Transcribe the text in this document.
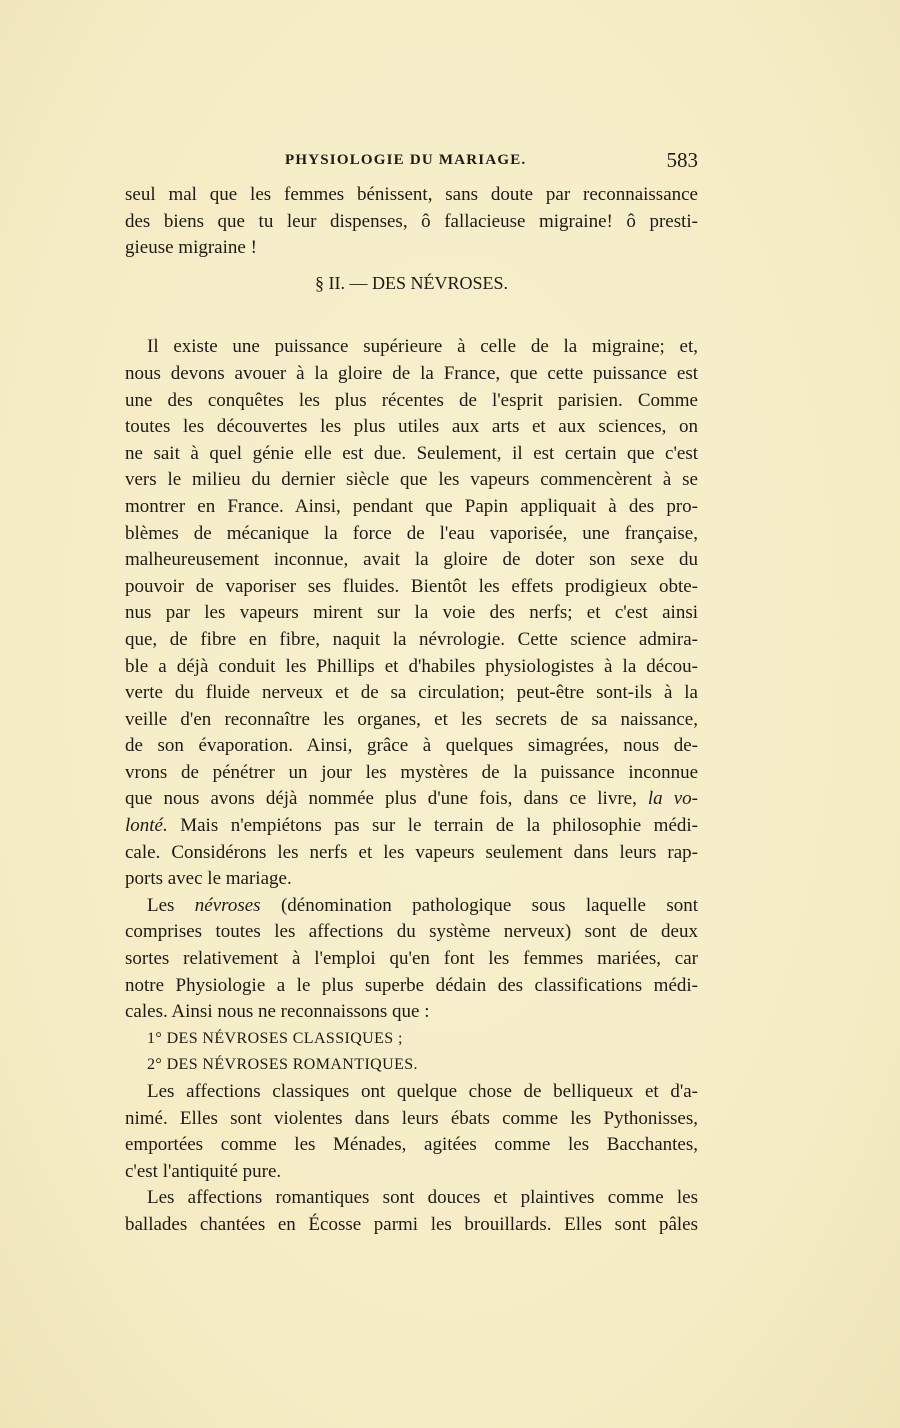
PHYSIOLOGIE DU MARIAGE.	583
seul mal que les femmes bénissent, sans doute par reconnaissance
des biens que tu leur dispenses, ô fallacieuse migraine! ô presti-
gieuse migraine !
§ II. — DES NÉVROSES.
Il existe une puissance supérieure à celle de la migraine; et,
nous devons avouer à la gloire de la France, que cette puissance est
une des conquêtes les plus récentes de l'esprit parisien. Comme
toutes les découvertes les plus utiles aux arts et aux sciences, on
ne sait à quel génie elle est due. Seulement, il est certain que c'est
vers le milieu du dernier siècle que les vapeurs commencèrent à se
montrer en France. Ainsi, pendant que Papin appliquait à des pro-
blèmes de mécanique la force de l'eau vaporisée, une française,
malheureusement inconnue, avait la gloire de doter son sexe du
pouvoir de vaporiser ses fluides. Bientôt les effets prodigieux obte-
nus par les vapeurs mirent sur la voie des nerfs; et c'est ainsi
que, de fibre en fibre, naquit la névrologie. Cette science admira-
ble a déjà conduit les Phillips et d'habiles physiologistes à la décou-
verte du fluide nerveux et de sa circulation; peut-être sont-ils à la
veille d'en reconnaître les organes, et les secrets de sa naissance,
de son évaporation. Ainsi, grâce à quelques simagrées, nous de-
vrons de pénétrer un jour les mystères de la puissance inconnue
que nous avons déjà nommée plus d'une fois, dans ce livre, la vo-
lonté. Mais n'empiétons pas sur le terrain de la philosophie médi-
cale. Considérons les nerfs et les vapeurs seulement dans leurs rap-
ports avec le mariage.
Les névroses (dénomination pathologique sous laquelle sont
comprises toutes les affections du système nerveux) sont de deux
sortes relativement à l'emploi qu'en font les femmes mariées, car
notre Physiologie a le plus superbe dédain des classifications médi-
cales. Ainsi nous ne reconnaissons que :
1° DES NÉVROSES CLASSIQUES ;
2° DES NÉVROSES ROMANTIQUES.
Les affections classiques ont quelque chose de belliqueux et d'a-
nimé. Elles sont violentes dans leurs ébats comme les Pythonisses,
emportées comme les Ménades, agitées comme les Bacchantes,
c'est l'antiquité pure.
Les affections romantiques sont douces et plaintives comme les
ballades chantées en Écosse parmi les brouillards. Elles sont pâles
